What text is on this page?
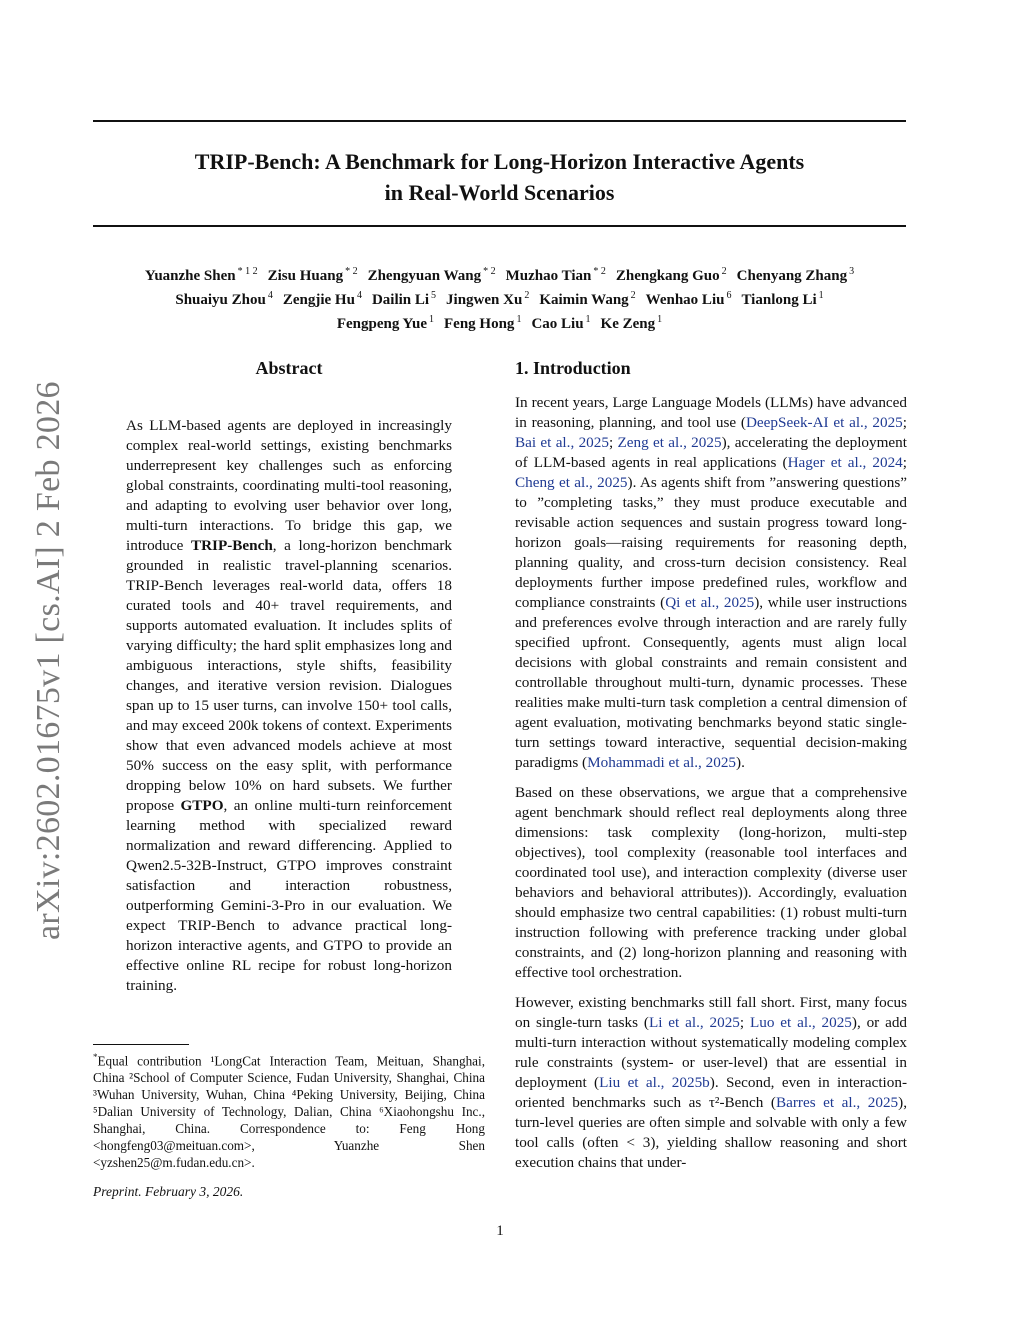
TRIP-Bench: A Benchmark for Long-Horizon Interactive Agents
in Real-World Scenarios
Yuanzhe Shen $^{* 1 2}$ Zisu Huang $^{* 2}$ Zhengyuan Wang $^{* 2}$ Muzhao Tian $^{* 2}$ Zhengkang Guo $^2$ Chenyang Zhang $^3$
Shuaiyu Zhou $^4$ Zengjie Hu $^4$ Dailin Li $^5$ Jingwen Xu $^2$ Kaimin Wang $^2$ Wenhao Liu $^6$ Tianlong Li $^1$
Fengpeng Yue $^1$ Feng Hong $^1$ Cao Liu $^1$ Ke Zeng $^1$
arXiv:2602.01675v1 [cs.AI] 2 Feb 2026
Abstract
As LLM-based agents are deployed in increasingly complex real-world settings, existing benchmarks underrepresent key challenges such as enforcing global constraints, coordinating multi-tool reasoning, and adapting to evolving user behavior over long, multi-turn interactions. To bridge this gap, we introduce TRIP-Bench, a long-horizon benchmark grounded in realistic travel-planning scenarios. TRIP-Bench leverages real-world data, offers 18 curated tools and 40+ travel requirements, and supports automated evaluation. It includes splits of varying difficulty; the hard split emphasizes long and ambiguous interactions, style shifts, feasibility changes, and iterative version revision. Dialogues span up to 15 user turns, can involve 150+ tool calls, and may exceed 200k tokens of context. Experiments show that even advanced models achieve at most 50% success on the easy split, with performance dropping below 10% on hard subsets. We further propose GTPO, an online multi-turn reinforcement learning method with specialized reward normalization and reward differencing. Applied to Qwen2.5-32B-Instruct, GTPO improves constraint satisfaction and interaction robustness, outperforming Gemini-3-Pro in our evaluation. We expect TRIP-Bench to advance practical long-horizon interactive agents, and GTPO to provide an effective online RL recipe for robust long-horizon training.
1. Introduction

In recent years, Large Language Models (LLMs) have advanced in reasoning, planning, and tool use (DeepSeek-AI et al., 2025; Bai et al., 2025; Zeng et al., 2025), accelerating the deployment of LLM-based agents in real applications (Hager et al., 2024; Cheng et al., 2025). As agents shift from ”answering questions” to ”completing tasks,” they must produce executable and revisable action sequences and sustain progress toward long-horizon goals—raising requirements for reasoning depth, planning quality, and cross-turn decision consistency. Real deployments further impose predefined rules, workflow and compliance constraints (Qi et al., 2025), while user instructions and preferences evolve through interaction and are rarely fully specified upfront. Consequently, agents must align local decisions with global constraints and remain consistent and controllable throughout multi-turn, dynamic processes. These realities make multi-turn task completion a central dimension of agent evaluation, motivating benchmarks beyond static single-turn settings toward interactive, sequential decision-making paradigms (Mohammadi et al., 2025).

Based on these observations, we argue that a comprehensive agent benchmark should reflect real deployments along three dimensions: task complexity (long-horizon, multi-step objectives), tool complexity (reasonable tool interfaces and coordinated tool use), and interaction complexity (diverse user behaviors and behavioral attributes)). Accordingly, evaluation should emphasize two central capabilities: (1) robust multi-turn instruction following with preference tracking under global constraints, and (2) long-horizon planning and reasoning with effective tool orchestration.

However, existing benchmarks still fall short. First, many focus on single-turn tasks (Li et al., 2025; Luo et al., 2025), or add multi-turn interaction without systematically modeling complex rule constraints (system- or user-level) that are essential in deployment (Liu et al., 2025b). Second, even in interaction-oriented benchmarks such as τ²-Bench (Barres et al., 2025), turn-level queries are often simple and solvable with only a few tool calls (often < 3), yielding shallow reasoning and short execution chains that under-

*Equal contribution ¹LongCat Interaction Team, Meituan, Shanghai, China ²School of Computer Science, Fudan University, Shanghai, China ³Wuhan University, Wuhan, China ⁴Peking University, Beijing, China ⁵Dalian University of Technology, Dalian, China ⁶Xiaohongshu Inc., Shanghai, China. Correspondence to: Feng Hong <hongfeng03@meituan.com>, Yuanzhe Shen <yzshen25@m.fudan.edu.cn>.
Preprint. February 3, 2026.
1
